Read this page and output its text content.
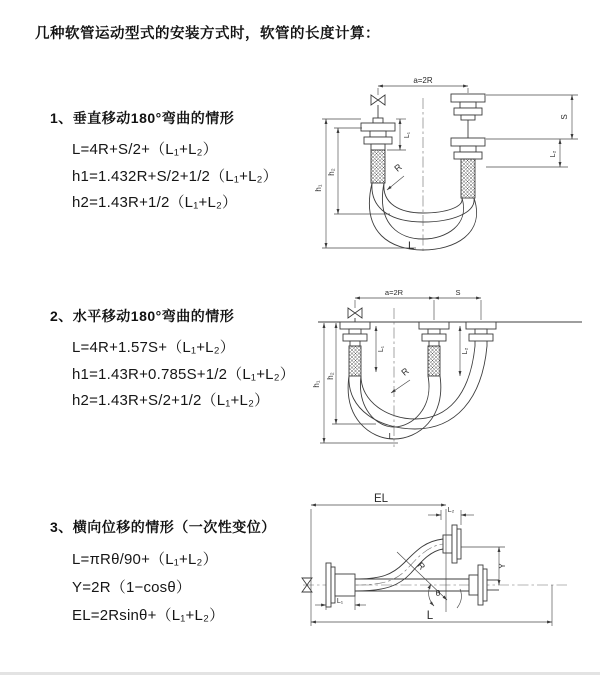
几种软管运动型式的安装方式时，软管的长度计算：
1、垂直移动180°弯曲的情形
L=4R+S/2+（L₁+L₂）
h1=1.432R+S/2+1/2（L₁+L₂）
h2=1.43R+1/2（L₁+L₂）
2、水平移动180°弯曲的情形
L=4R+1.57S+（L₁+L₂）
h1=1.43R+0.785S+1/2（L₁+L₂）
h2=1.43R+S/2+1/2（L₁+L₂）
3、横向位移的情形（一次性变位）
L=πRθ/90+（L₁+L₂）
Y=2R（1−cosθ）
EL=2Rsinθ+（L₁+L₂）
a=2R
h₁
h₂
L₁
S
L₂
R
L
a=2R	S
L₁	L₂
h₁
h₂	R
L
EL
L₂
Y
θ
R
L₁
L
